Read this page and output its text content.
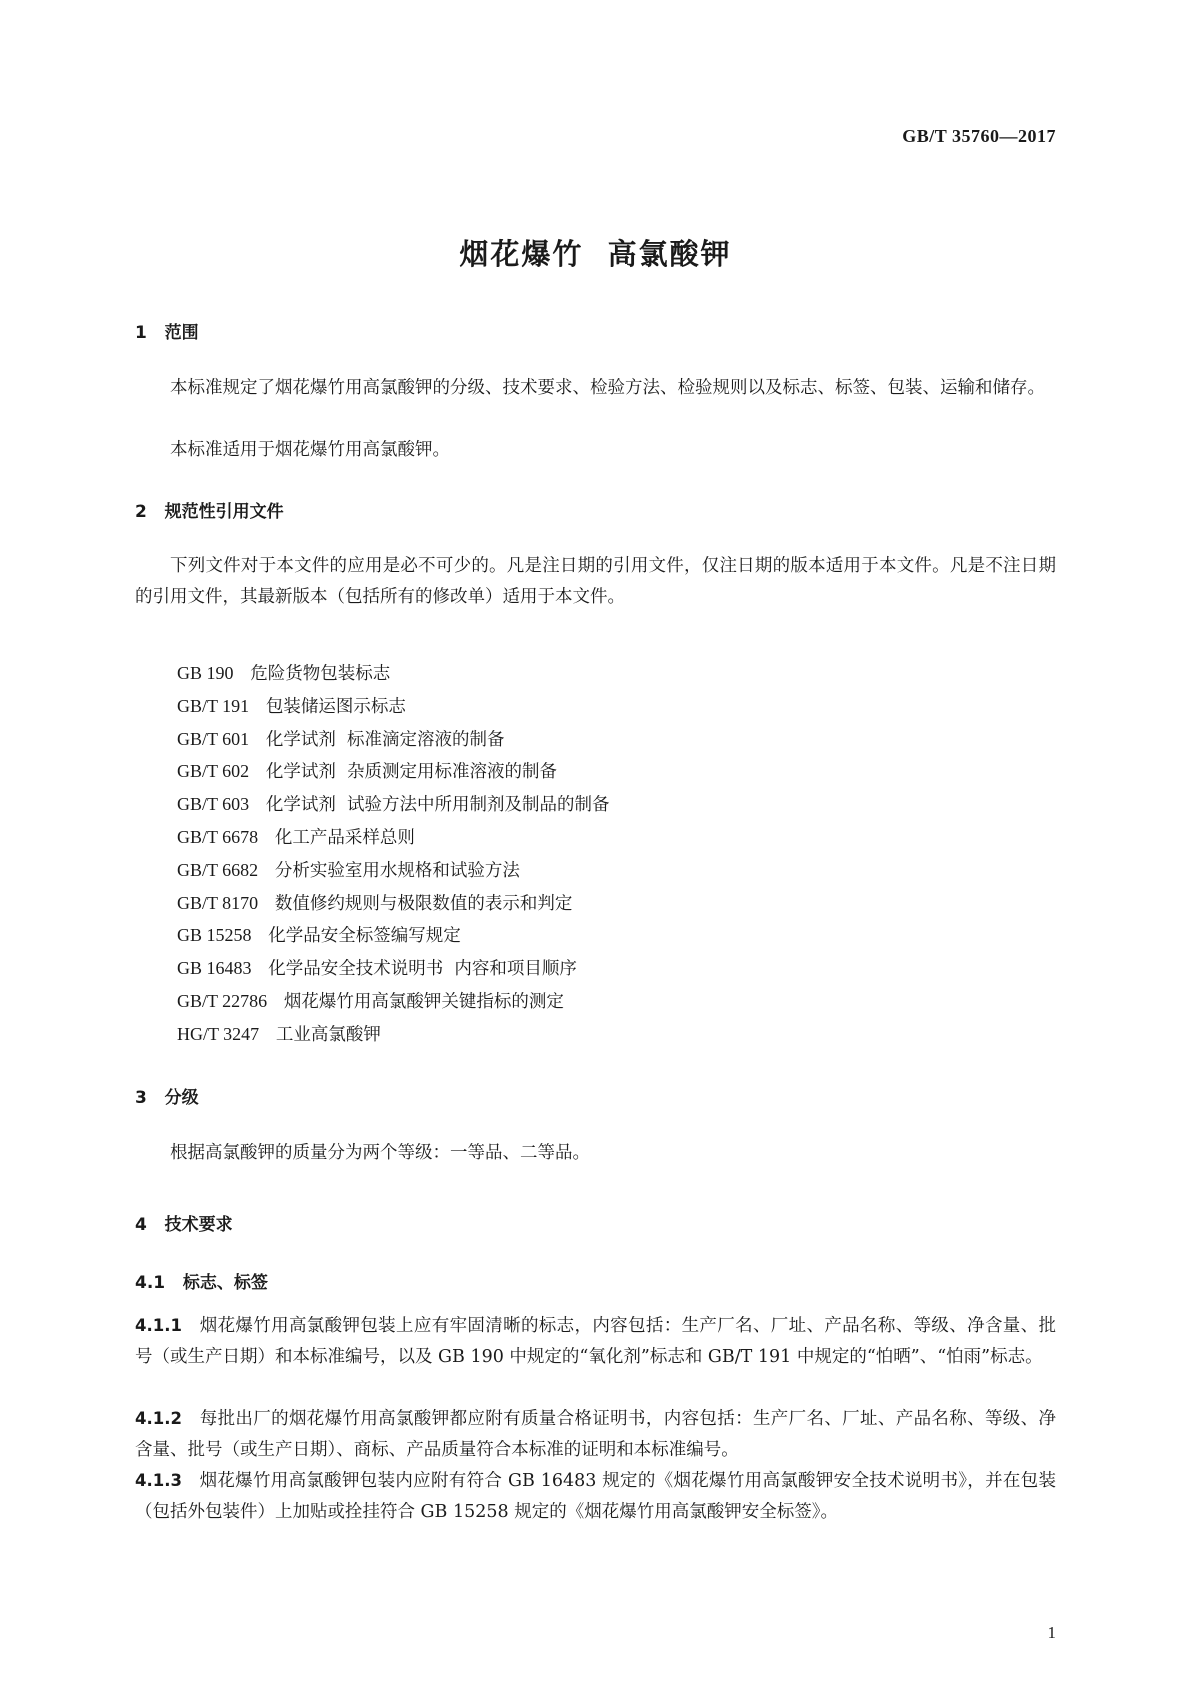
GB/T 35760—2017
烟花爆竹  高氯酸钾
1   范围

本标准规定了烟花爆竹用高氯酸钾的分级、技术要求、检验方法、检验规则以及标志、标签、包装、运输和储存。

本标准适用于烟花爆竹用高氯酸钾。

2   规范性引用文件

下列文件对于本文件的应用是必不可少的。凡是注日期的引用文件，仅注日期的版本适用于本文件。凡是不注日期的引用文件，其最新版本（包括所有的修改单）适用于本文件。

GB 190 危险货物包装标志
GB/T 191 包装储运图示标志
GB/T 601 化学试剂  标准滴定溶液的制备
GB/T 602 化学试剂  杂质测定用标准溶液的制备
GB/T 603 化学试剂  试验方法中所用制剂及制品的制备
GB/T 6678 化工产品采样总则
GB/T 6682 分析实验室用水规格和试验方法
GB/T 8170 数值修约规则与极限数值的表示和判定
GB 15258 化学品安全标签编写规定
GB 16483 化学品安全技术说明书  内容和项目顺序
GB/T 22786 烟花爆竹用高氯酸钾关键指标的测定
HG/T 3247 工业高氯酸钾
3   分级

根据高氯酸钾的质量分为两个等级：一等品、二等品。

4   技术要求
4.1   标志、标签

4.1.1 烟花爆竹用高氯酸钾包装上应有牢固清晰的标志，内容包括：生产厂名、厂址、产品名称、等级、净含量、批号（或生产日期）和本标准编号，以及 GB 190 中规定的“氧化剂”标志和 GB/T 191 中规定的“怕晒”、“怕雨”标志。

4.1.2 每批出厂的烟花爆竹用高氯酸钾都应附有质量合格证明书，内容包括：生产厂名、厂址、产品名称、等级、净含量、批号（或生产日期）、商标、产品质量符合本标准的证明和本标准编号。

4.1.3 烟花爆竹用高氯酸钾包装内应附有符合 GB 16483 规定的《烟花爆竹用高氯酸钾安全技术说明书》，并在包装（包括外包装件）上加贴或拴挂符合 GB 15258 规定的《烟花爆竹用高氯酸钾安全标签》。

1
